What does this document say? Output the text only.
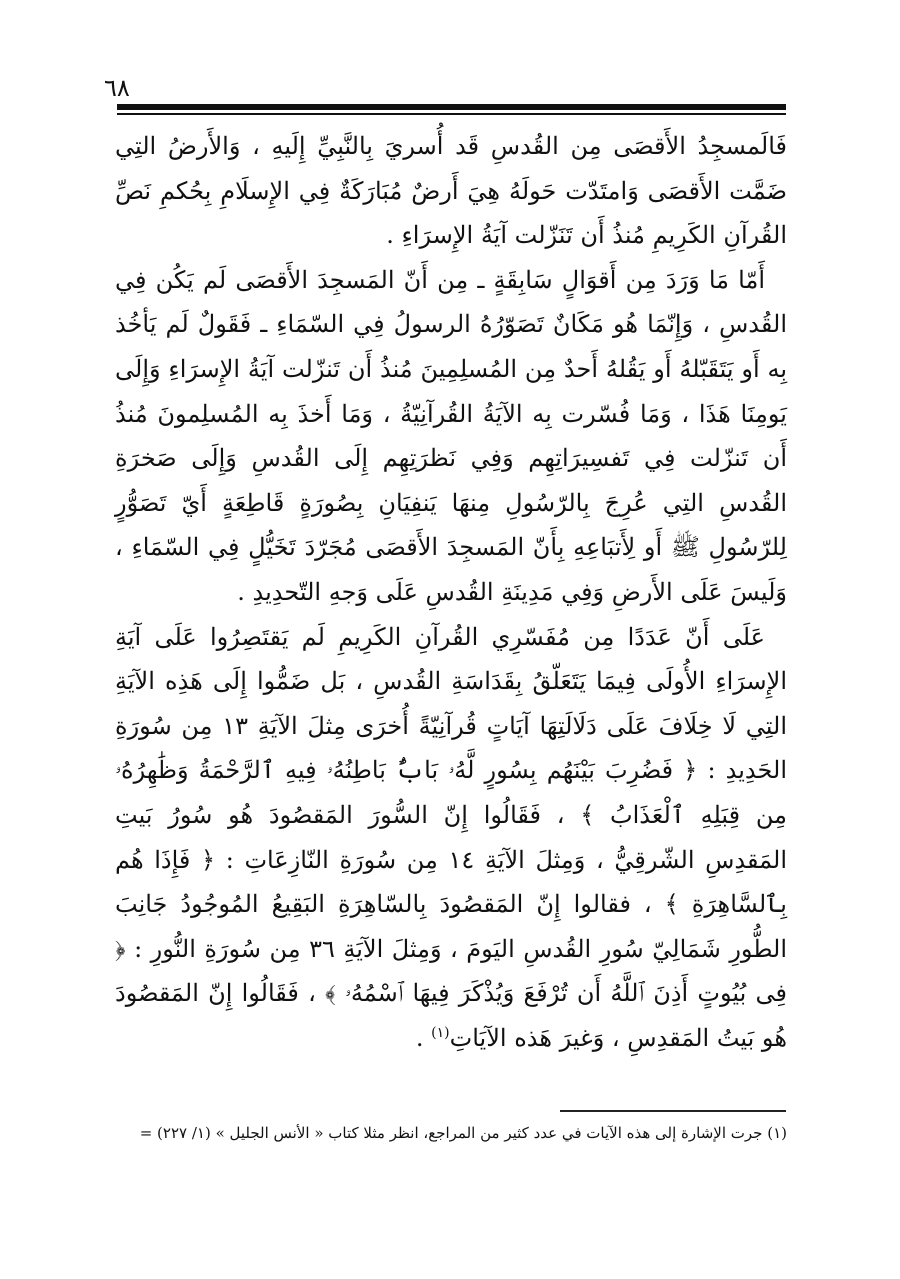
٦٨

فَالَمسجِدُ الأَقصَى مِن القُدسِ قَد أُسريَ بِالنَّبِيِّ إِلَيهِ ، وَالأَرضُ التِي ضَمَّت الأَقصَى وَامتَدّت حَولَهُ هِيَ أَرضٌ مُبَارَكَةٌ فِي الإِسلَامِ بِحُكمِ نَصِّ القُرآنِ الكَرِيمِ مُنذُ أَن تَنَزّلت آيَةُ الإِسرَاءِ .

أَمّا مَا وَرَدَ مِن أَقوَالٍ سَابِقَةٍ ـ مِن أَنّ المَسجِدَ الأَقصَى لَم يَكُن فِي القُدسِ ، وَإِنّمَا هُو مَكَانٌ تَصَوّرُهُ الرسولُ فِي السّمَاءِ ـ فَقَولٌ لَم يَأخُذ بِه أَو يَتَقَبّلهُ أَو يَقُلهُ أَحدٌ مِن المُسلِمِينَ مُنذُ أَن تَنزّلت آيَةُ الإِسرَاءِ وَإِلَى يَومِنَا هَذَا ، وَمَا فُسّرت بِه الآيَةُ القُرآنِيّةُ ، وَمَا أَخذَ بِه المُسلِمونَ مُنذُ أَن تَنزّلت فِي تَفسِيرَاتِهِم وَفِي نَظرَتِهِم إِلَى القُدسِ وَإِلَى صَخرَةِ القُدسِ التِي عُرِجَ بِالرّسُولِ مِنهَا يَنفِيَانِ بِصُورَةٍ قَاطِعَةٍ أَيّ تَصَوُّرٍ لِلرّسُولِ ﷺ أَو لِأَتبَاعِهِ بِأَنّ المَسجِدَ الأَقصَى مُجَرّدَ تَخَيُّلٍ فِي السّمَاءِ ، وَلَيسَ عَلَى الأَرضِ وَفِي مَدِينَةِ القُدسِ عَلَى وَجهِ التّحدِيدِ .

عَلَى أَنّ عَدَدًا مِن مُفَسّرِي القُرآنِ الكَرِيمِ لَم يَقتَصِرُوا عَلَى آيَةِ الإِسرَاءِ الأُولَى فِيمَا يَتَعَلّقُ بِقَدَاسَةِ القُدسِ ، بَل ضَمُّوا إِلَى هَذِه الآيَةِ التِي لَا خِلَافَ عَلَى دَلَالَتِهَا آيَاتٍ قُرآنِيّةً أُخرَى مِثلَ الآيَةِ ١٣ مِن سُورَةِ الحَدِيدِ : ﴿ فَضُرِبَ بَيْنَهُم بِسُورٍ لَّهُۥ بَابٌۢ بَاطِنُهُۥ فِيهِ ٱلرَّحْمَةُ وَظَٰهِرُهُۥ مِن قِبَلِهِ ٱلْعَذَابُ ﴾ ، فَقَالُوا إِنّ السُّورَ المَقصُودَ هُو سُورُ بَيتِ المَقدِسِ الشّرقِيُّ ، وَمِثلَ الآيَةِ ١٤ مِن سُورَةِ النّازِعَاتِ : ﴿ فَإِذَا هُم بِٱلسَّاهِرَةِ ﴾ ، فقالوا إِنّ المَقصُودَ بِالسّاهِرَةِ البَقِيعُ المُوجُودُ جَانِبَ الطُّورِ شَمَالِيّ سُورِ القُدسِ اليَومَ ، وَمِثلَ الآيَةِ ٣٦ مِن سُورَةِ النُّورِ : ﴿ فِى بُيُوتٍ أَذِنَ ٱللَّهُ أَن تُرْفَعَ وَيُذْكَرَ فِيهَا ٱسْمُهُۥ ﴾ ، فَقَالُوا إِنّ المَقصُودَ هُو بَيتُ المَقدِسِ ، وَغيرَ هَذه الآيَاتِ$^{(١)}$ .

(١) جرت الإشارة إلى هذه الآيات في عدد كثير من المراجع، انظر مثلا كتاب « الأنس الجليل » (١/ ٢٢٧) =
